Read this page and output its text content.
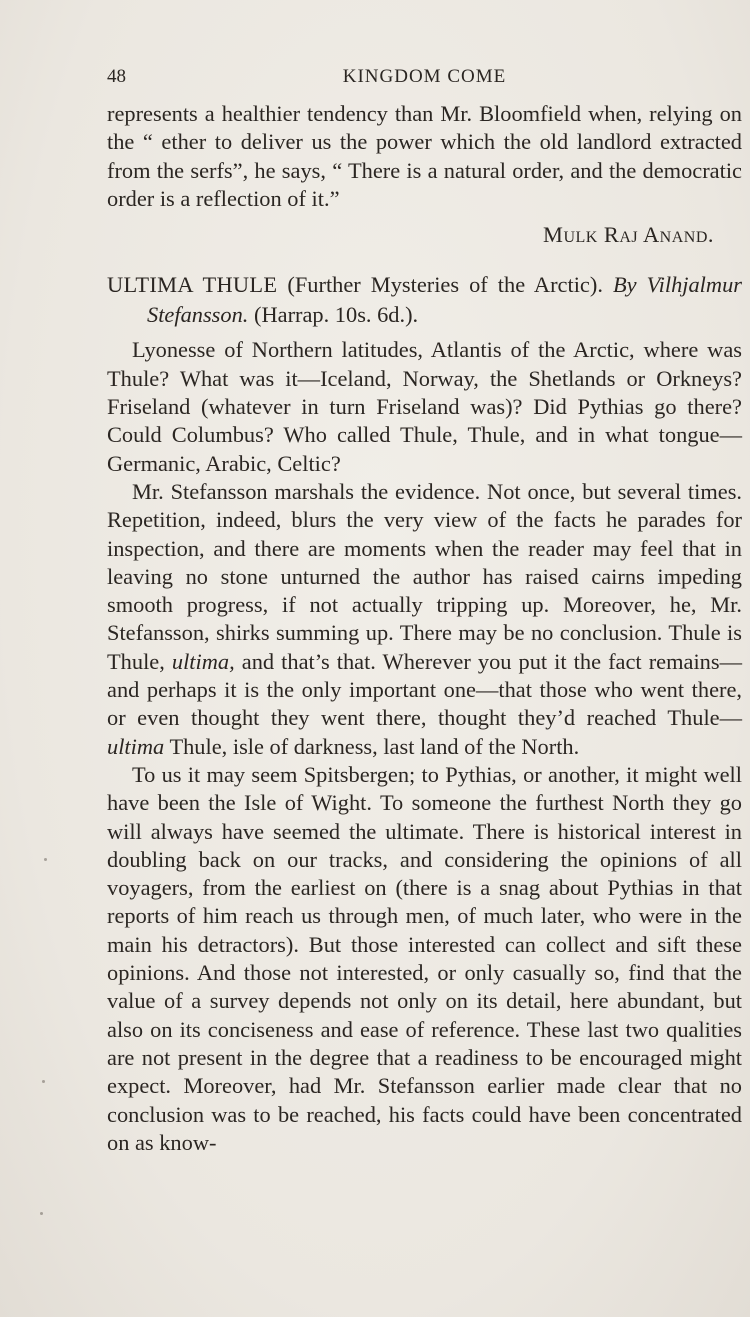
48	KINGDOM COME

represents a healthier tendency than Mr. Bloomfield when, relying on the “ ether to deliver us the power which the old landlord extracted from the serfs”, he says, “ There is a natural order, and the democratic order is a reflection of it.”

Mulk Raj Anand.

ULTIMA THULE (Further Mysteries of the Arctic). By Vilhjalmur Stefansson. (Harrap. 10s. 6d.).

Lyonesse of Northern latitudes, Atlantis of the Arctic, where was Thule? What was it—Iceland, Norway, the Shetlands or Orkneys? Friseland (whatever in turn Friseland was)? Did Pythias go there? Could Columbus? Who called Thule, Thule, and in what tongue—Germanic, Arabic, Celtic?

Mr. Stefansson marshals the evidence. Not once, but several times. Repetition, indeed, blurs the very view of the facts he parades for inspection, and there are moments when the reader may feel that in leaving no stone unturned the author has raised cairns impeding smooth progress, if not actually tripping up. Moreover, he, Mr. Stefansson, shirks summing up. There may be no conclusion. Thule is Thule, ultima, and that’s that. Wherever you put it the fact remains—and perhaps it is the only important one—that those who went there, or even thought they went there, thought they’d reached Thule—ultima Thule, isle of darkness, last land of the North.

To us it may seem Spitsbergen; to Pythias, or another, it might well have been the Isle of Wight. To someone the furthest North they go will always have seemed the ultimate. There is historical interest in doubling back on our tracks, and considering the opinions of all voyagers, from the earliest on (there is a snag about Pythias in that reports of him reach us through men, of much later, who were in the main his detractors). But those interested can collect and sift these opinions. And those not interested, or only casually so, find that the value of a survey depends not only on its detail, here abundant, but also on its conciseness and ease of reference. These last two qualities are not present in the degree that a readiness to be encouraged might expect. Moreover, had Mr. Stefansson earlier made clear that no conclusion was to be reached, his facts could have been concentrated on as know-
